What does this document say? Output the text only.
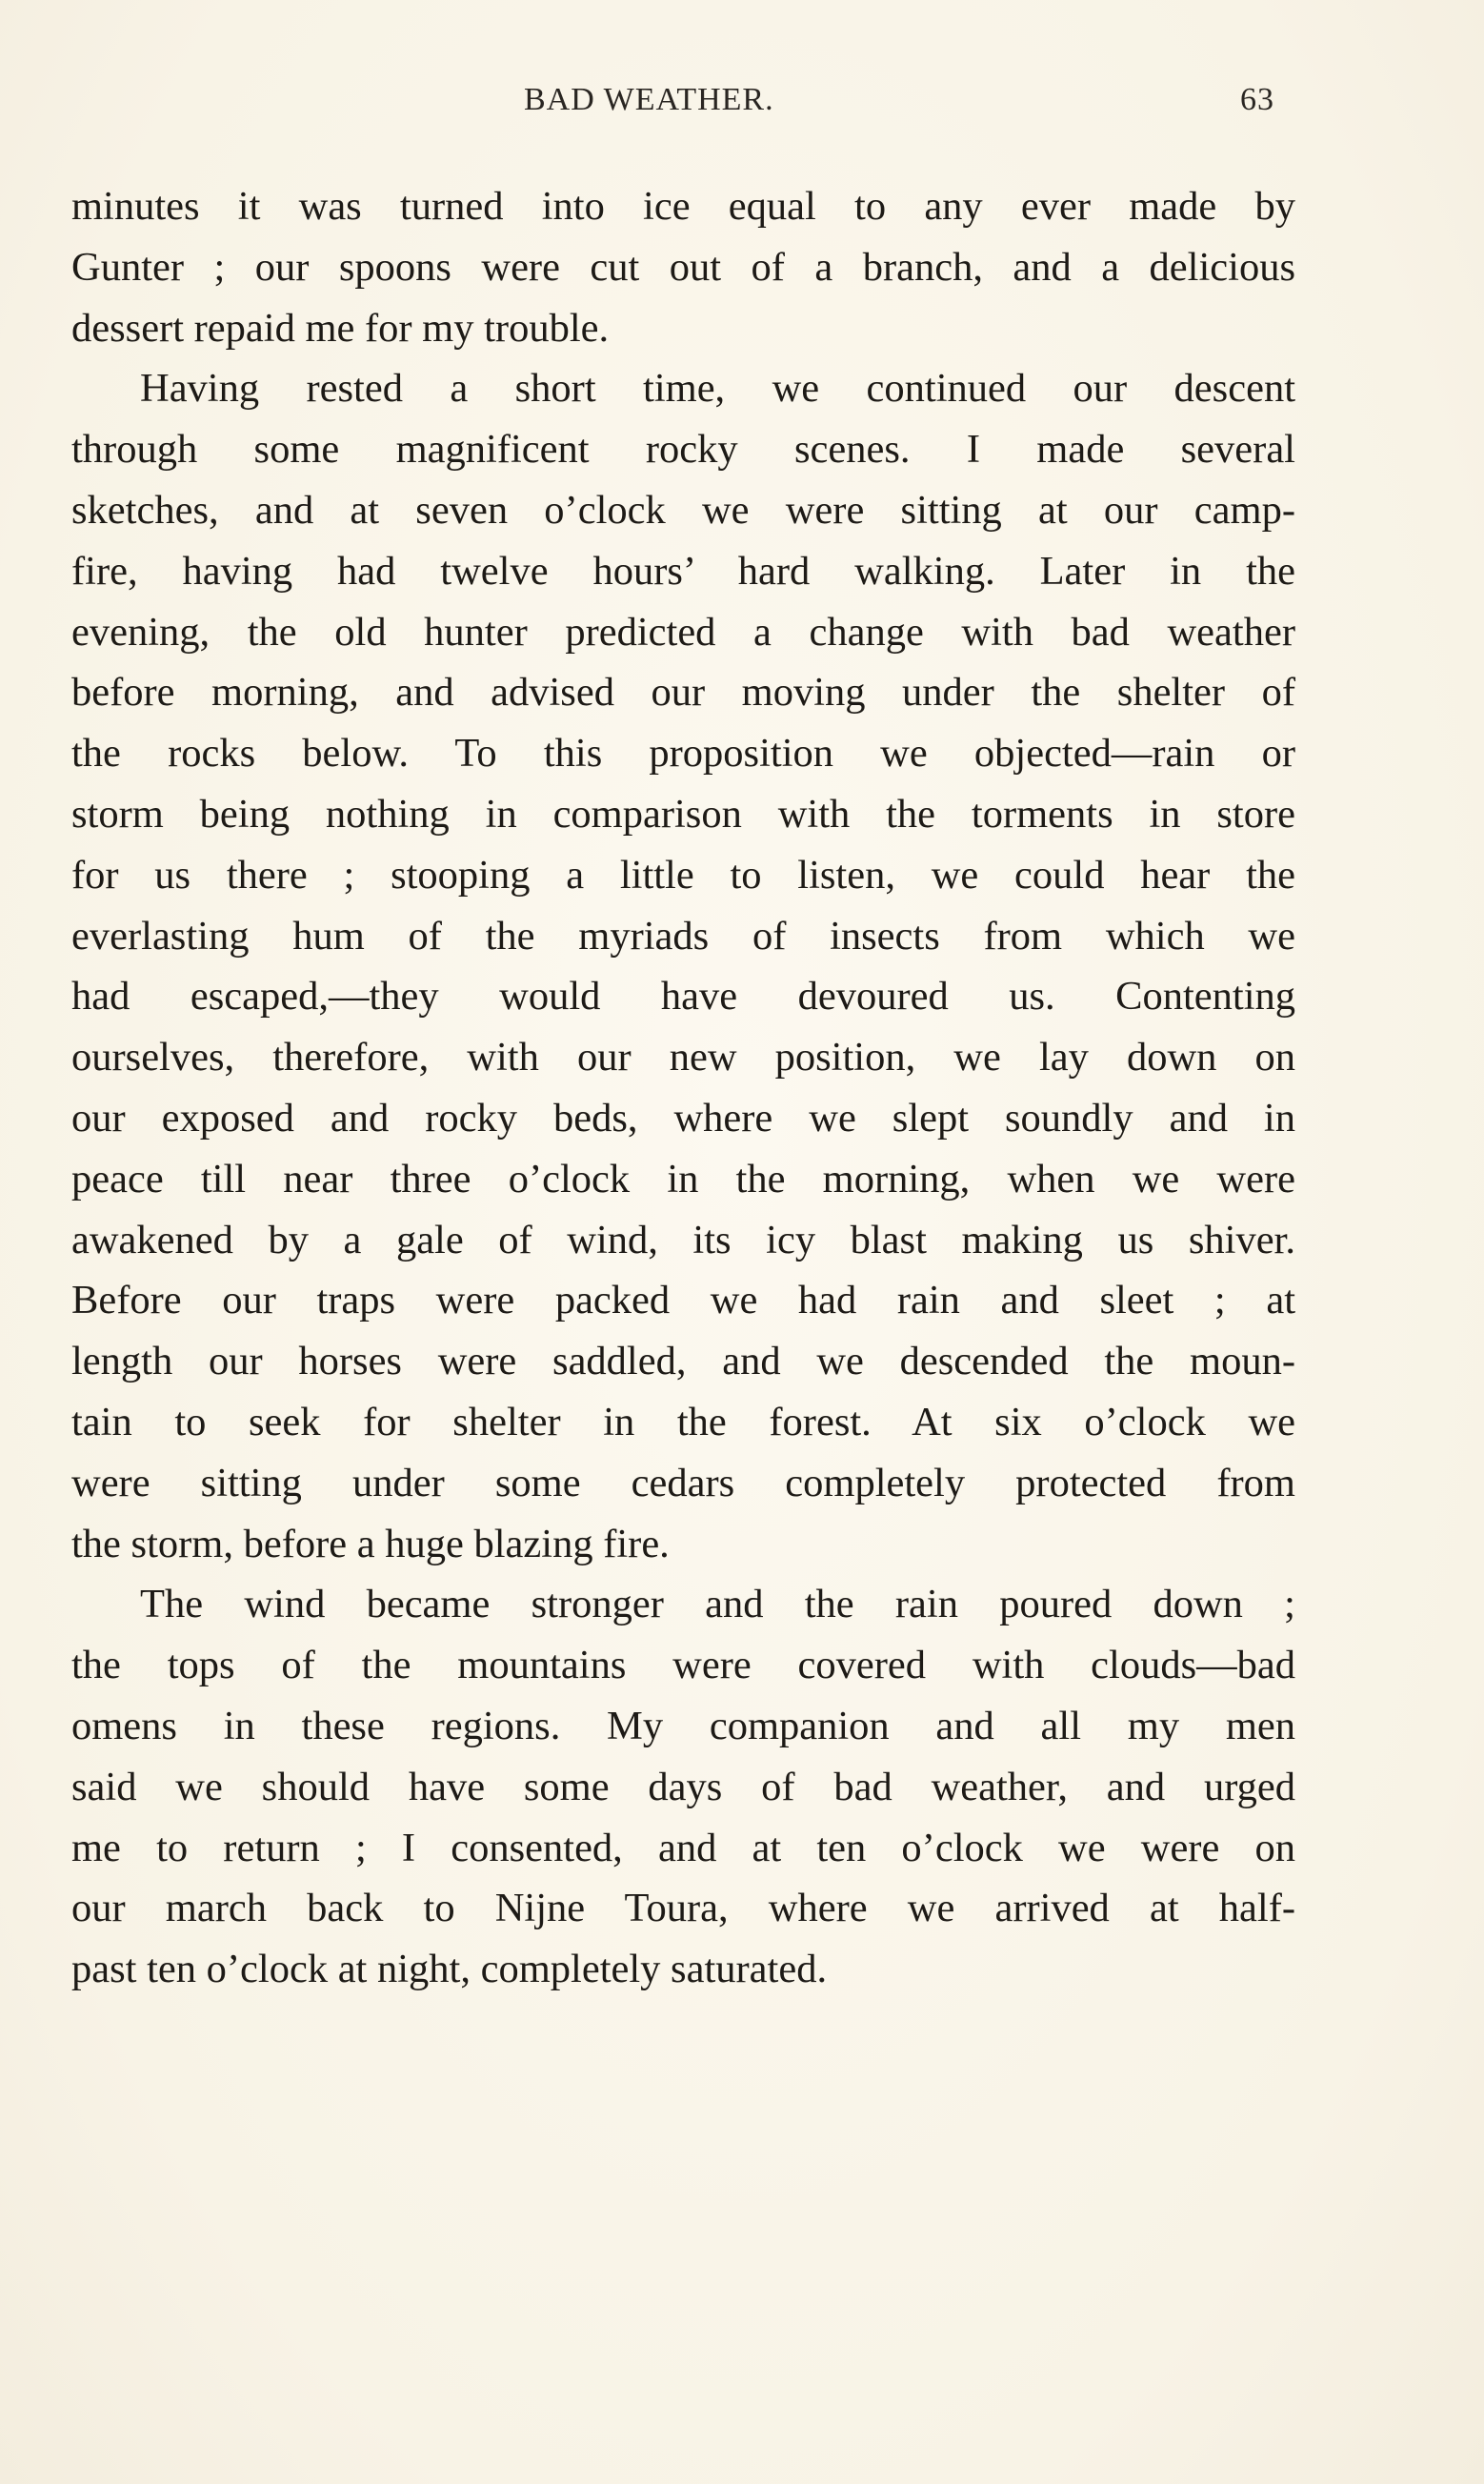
BAD WEATHER.	63
minutes it was turned into ice equal to any ever made by
Gunter ; our spoons were cut out of a branch, and a delicious
dessert repaid me for my trouble.
Having rested a short time, we continued our descent
through some magnificent rocky scenes. I made several
sketches, and at seven o’clock we were sitting at our camp-
fire, having had twelve hours’ hard walking. Later in the
evening, the old hunter predicted a change with bad weather
before morning, and advised our moving under the shelter of
the rocks below. To this proposition we objected—rain or
storm being nothing in comparison with the torments in store
for us there ; stooping a little to listen, we could hear the
everlasting hum of the myriads of insects from which we
had escaped,—they would have devoured us. Contenting
ourselves, therefore, with our new position, we lay down on
our exposed and rocky beds, where we slept soundly and in
peace till near three o’clock in the morning, when we were
awakened by a gale of wind, its icy blast making us shiver.
Before our traps were packed we had rain and sleet ; at
length our horses were saddled, and we descended the moun-
tain to seek for shelter in the forest. At six o’clock we
were sitting under some cedars completely protected from
the storm, before a huge blazing fire.
The wind became stronger and the rain poured down ;
the tops of the mountains were covered with clouds—bad
omens in these regions. My companion and all my men
said we should have some days of bad weather, and urged
me to return ; I consented, and at ten o’clock we were on
our march back to Nijne Toura, where we arrived at half-
past ten o’clock at night, completely saturated.
